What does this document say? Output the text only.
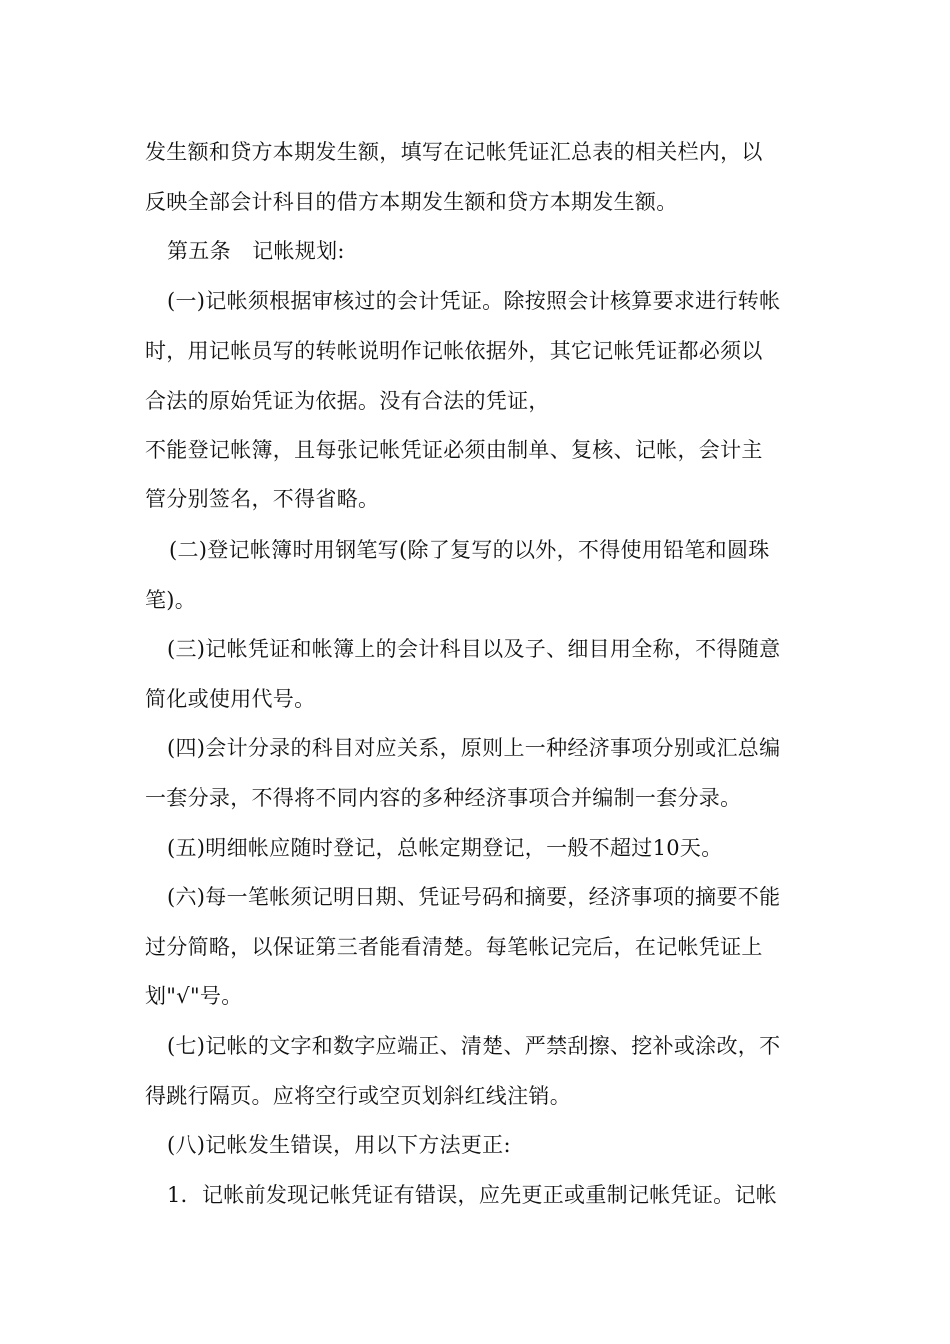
发生额和贷方本期发生额，填写在记帐凭证汇总表的相关栏内，以
反映全部会计科目的借方本期发生额和贷方本期发生额。
第五条　记帐规划:
(一)记帐须根据审核过的会计凭证。除按照会计核算要求进行转帐
时，用记帐员写的转帐说明作记帐依据外，其它记帐凭证都必须以
合法的原始凭证为依据。没有合法的凭证，
不能登记帐簿，且每张记帐凭证必须由制单、复核、记帐，会计主
管分别签名，不得省略。
(二)登记帐簿时用钢笔写(除了复写的以外，不得使用铅笔和圆珠
笔)。
(三)记帐凭证和帐簿上的会计科目以及子、细目用全称，不得随意
简化或使用代号。
(四)会计分录的科目对应关系，原则上一种经济事项分别或汇总编
一套分录，不得将不同内容的多种经济事项合并编制一套分录。
(五)明细帐应随时登记，总帐定期登记，一般不超过10天。
(六)每一笔帐须记明日期、凭证号码和摘要，经济事项的摘要不能
过分简略，以保证第三者能看清楚。每笔帐记完后，在记帐凭证上
划"√"号。
(七)记帐的文字和数字应端正、清楚、严禁刮擦、挖补或涂改，不
得跳行隔页。应将空行或空页划斜红线注销。
(八)记帐发生错误，用以下方法更正:
1．记帐前发现记帐凭证有错误，应先更正或重制记帐凭证。记帐
